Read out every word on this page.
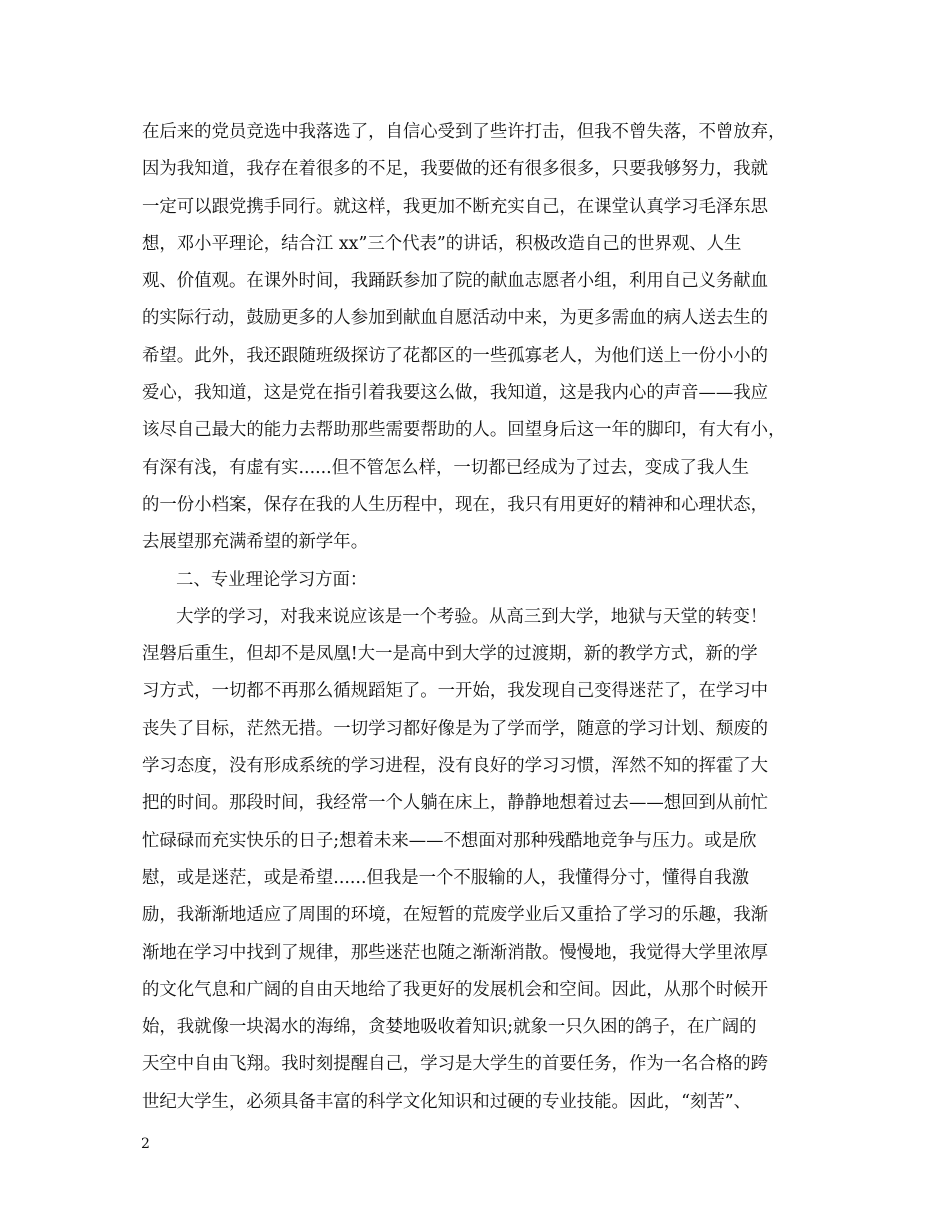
在后来的党员竞选中我落选了，自信心受到了些许打击，但我不曾失落，不曾放弃，
因为我知道，我存在着很多的不足，我要做的还有很多很多，只要我够努力，我就
一定可以跟党携手同行。就这样，我更加不断充实自己，在课堂认真学习毛泽东思
想，邓小平理论，结合江 xx”三个代表”的讲话，积极改造自己的世界观、人生
观、价值观。在课外时间，我踊跃参加了院的献血志愿者小组，利用自己义务献血
的实际行动，鼓励更多的人参加到献血自愿活动中来，为更多需血的病人送去生的
希望。此外，我还跟随班级探访了花都区的一些孤寡老人，为他们送上一份小小的
爱心，我知道，这是党在指引着我要这么做，我知道，这是我内心的声音——我应
该尽自己最大的能力去帮助那些需要帮助的人。回望身后这一年的脚印，有大有小，
有深有浅，有虚有实......但不管怎么样，一切都已经成为了过去，变成了我人生
的一份小档案，保存在我的人生历程中，现在，我只有用更好的精神和心理状态，
去展望那充满希望的新学年。
二、专业理论学习方面：
大学的学习，对我来说应该是一个考验。从高三到大学，地狱与天堂的转变！
涅磐后重生，但却不是凤凰!大一是高中到大学的过渡期，新的教学方式，新的学
习方式，一切都不再那么循规蹈矩了。一开始，我发现自己变得迷茫了，在学习中
丧失了目标，茫然无措。一切学习都好像是为了学而学，随意的学习计划、颓废的
学习态度，没有形成系统的学习进程，没有良好的学习习惯，浑然不知的挥霍了大
把的时间。那段时间，我经常一个人躺在床上，静静地想着过去——想回到从前忙
忙碌碌而充实快乐的日子;想着未来——不想面对那种残酷地竞争与压力。或是欣
慰，或是迷茫，或是希望......但我是一个不服输的人，我懂得分寸，懂得自我激
励，我渐渐地适应了周围的环境，在短暂的荒废学业后又重拾了学习的乐趣，我渐
渐地在学习中找到了规律，那些迷茫也随之渐渐消散。慢慢地，我觉得大学里浓厚
的文化气息和广阔的自由天地给了我更好的发展机会和空间。因此，从那个时候开
始，我就像一块渴水的海绵，贪婪地吸收着知识;就象一只久困的鸽子，在广阔的
天空中自由飞翔。我时刻提醒自己，学习是大学生的首要任务，作为一名合格的跨
世纪大学生，必须具备丰富的科学文化知识和过硬的专业技能。因此，“刻苦”、
2
